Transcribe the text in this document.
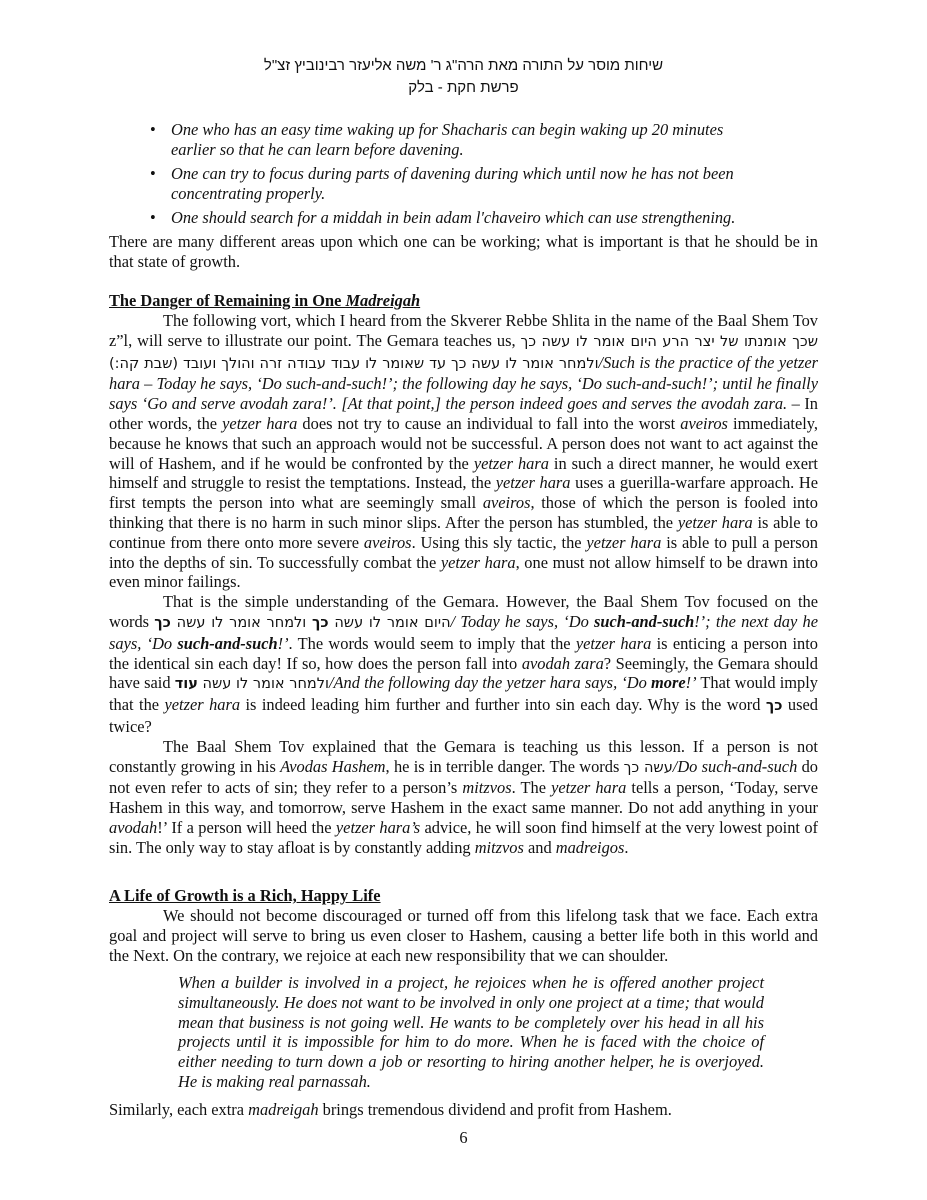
שיחות מוסר על התורה מאת הרה"ג ר' משה אליעזר רבינוביץ זצ"ל
פרשת חקת - בלק
• One who has an easy time waking up for Shacharis can begin waking up 20 minutes earlier so that he can learn before davening.
• One can try to focus during parts of davening during which until now he has not been concentrating properly.
• One should search for a middah in bein adam l'chaveiro which can use strengthening.

There are many different areas upon which one can be working; what is important is that he should be in that state of growth.

The Danger of Remaining in One Madreigah

The following vort, which I heard from the Skverer Rebbe Shlita in the name of the Baal Shem Tov z”l, will serve to illustrate our point. The Gemara teaches us, שכך אומנתו של יצר הרע היום אומר לו עשה כך ולמחר אומר לו עשה כך עד שאומר לו עבוד עבודה זרה והולך ועובד (שבת קה:)/Such is the practice of the yetzer hara – Today he says, ‘Do such-and-such!’; the following day he says, ‘Do such-and-such!’; until he finally says ‘Go and serve avodah zara!’. [At that point,] the person indeed goes and serves the avodah zara. – In other words, the yetzer hara does not try to cause an individual to fall into the worst aveiros immediately, because he knows that such an approach would not be successful. A person does not want to act against the will of Hashem, and if he would be confronted by the yetzer hara in such a direct manner, he would exert himself and struggle to resist the temptations. Instead, the yetzer hara uses a guerilla-warfare approach. He first tempts the person into what are seemingly small aveiros, those of which the person is fooled into thinking that there is no harm in such minor slips. After the person has stumbled, the yetzer hara is able to continue from there onto more severe aveiros. Using this sly tactic, the yetzer hara is able to pull a person into the depths of sin. To successfully combat the yetzer hara, one must not allow himself to be drawn into even minor failings.

That is the simple understanding of the Gemara. However, the Baal Shem Tov focused on the words	היום אומר לו עשה כך ולמחר אומר לו עשה כך	/ Today he says, ‘Do such-and-such!’; the next day he says, ‘Do such-and-such!’. The words would seem to imply that the yetzer hara is enticing a person into the identical sin each day! If so, how does the person fall into avodah zara? Seemingly, the Gemara should have said ולמחר אומר לו עשה עוד	/And the following day the yetzer hara says, ‘Do more!’ That would imply that the yetzer hara is indeed leading him further and further into sin each day. Why is the word כך used twice?

The Baal Shem Tov explained that the Gemara is teaching us this lesson. If a person is not constantly growing in his Avodas Hashem, he is in terrible danger. The words עשה כך/Do such-and-such do not even refer to acts of sin; they refer to a person’s mitzvos. The yetzer hara tells a person, ‘Today, serve Hashem in this way, and tomorrow, serve Hashem in the exact same manner. Do not add anything in your avodah!’ If a person will heed the yetzer hara’s advice, he will soon find himself at the very lowest point of sin. The only way to stay afloat is by constantly adding mitzvos and madreigos.

A Life of Growth is a Rich, Happy Life

We should not become discouraged or turned off from this lifelong task that we face. Each extra goal and project will serve to bring us even closer to Hashem, causing a better life both in this world and the Next. On the contrary, we rejoice at each new responsibility that we can shoulder.

When a builder is involved in a project, he rejoices when he is offered another project simultaneously. He does not want to be involved in only one project at a time; that would mean that business is not going well. He wants to be completely over his head in all his projects until it is impossible for him to do more. When he is faced with the choice of either needing to turn down a job or resorting to hiring another helper, he is overjoyed. He is making real parnassah.

Similarly, each extra madreigah brings tremendous dividend and profit from Hashem.

6
